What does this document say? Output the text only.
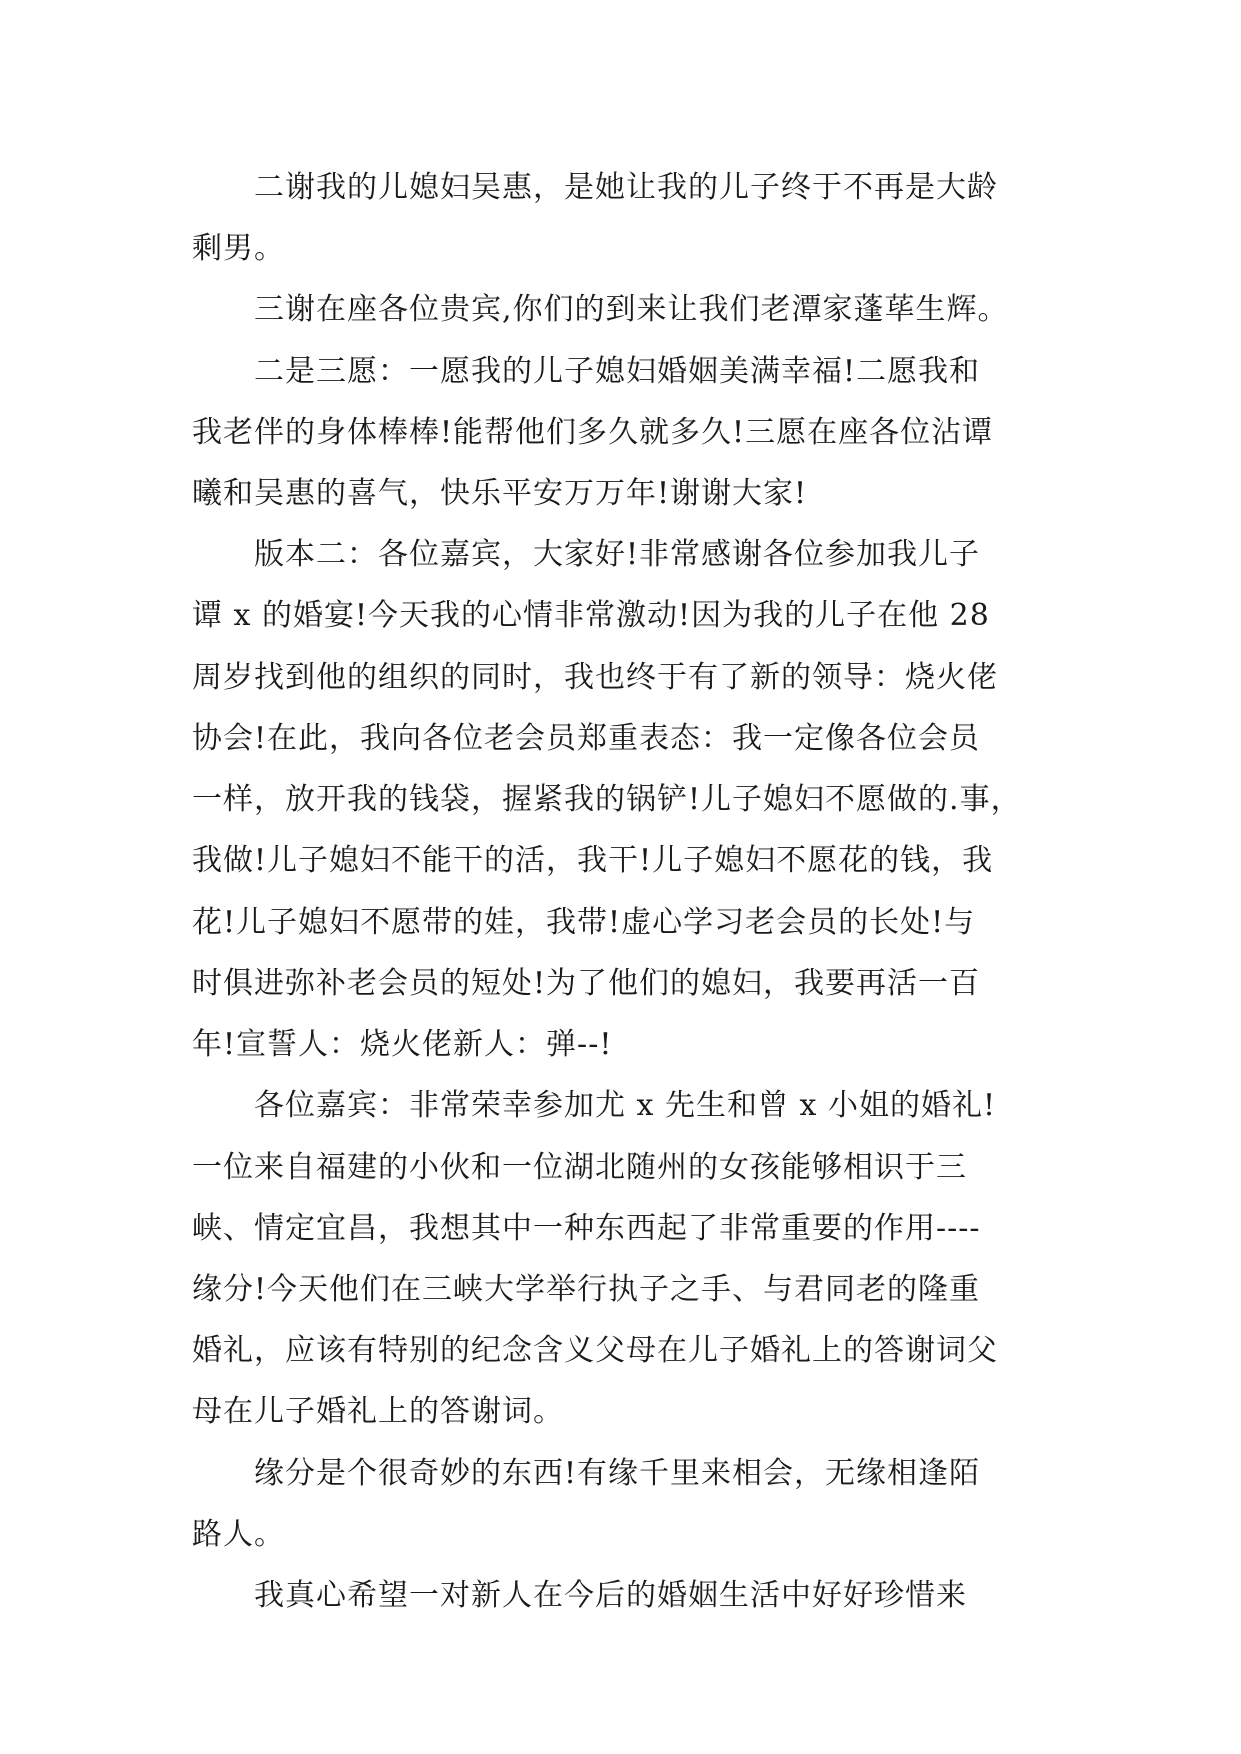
二谢我的儿媳妇吴惠，是她让我的儿子终于不再是大龄

剩男。

三谢在座各位贵宾,你们的到来让我们老潭家蓬荜生辉。

二是三愿：一愿我的儿子媳妇婚姻美满幸福!二愿我和

我老伴的身体棒棒!能帮他们多久就多久!三愿在座各位沾谭

曦和吴惠的喜气，快乐平安万万年!谢谢大家!

版本二：各位嘉宾，大家好!非常感谢各位参加我儿子

谭 x 的婚宴!今天我的心情非常激动!因为我的儿子在他 28

周岁找到他的组织的同时，我也终于有了新的领导：烧火佬

协会!在此，我向各位老会员郑重表态：我一定像各位会员

一样，放开我的钱袋，握紧我的锅铲!儿子媳妇不愿做的.事，

我做!儿子媳妇不能干的活，我干!儿子媳妇不愿花的钱，我

花!儿子媳妇不愿带的娃，我带!虚心学习老会员的长处!与

时俱进弥补老会员的短处!为了他们的媳妇，我要再活一百

年!宣誓人：烧火佬新人：弹--!

各位嘉宾：非常荣幸参加尤 x 先生和曾 x 小姐的婚礼!

一位来自福建的小伙和一位湖北随州的女孩能够相识于三

峡、情定宜昌，我想其中一种东西起了非常重要的作用----

缘分!今天他们在三峡大学举行执子之手、与君同老的隆重

婚礼，应该有特别的纪念含义父母在儿子婚礼上的答谢词父

母在儿子婚礼上的答谢词。

缘分是个很奇妙的东西!有缘千里来相会，无缘相逢陌

路人。

我真心希望一对新人在今后的婚姻生活中好好珍惜来
